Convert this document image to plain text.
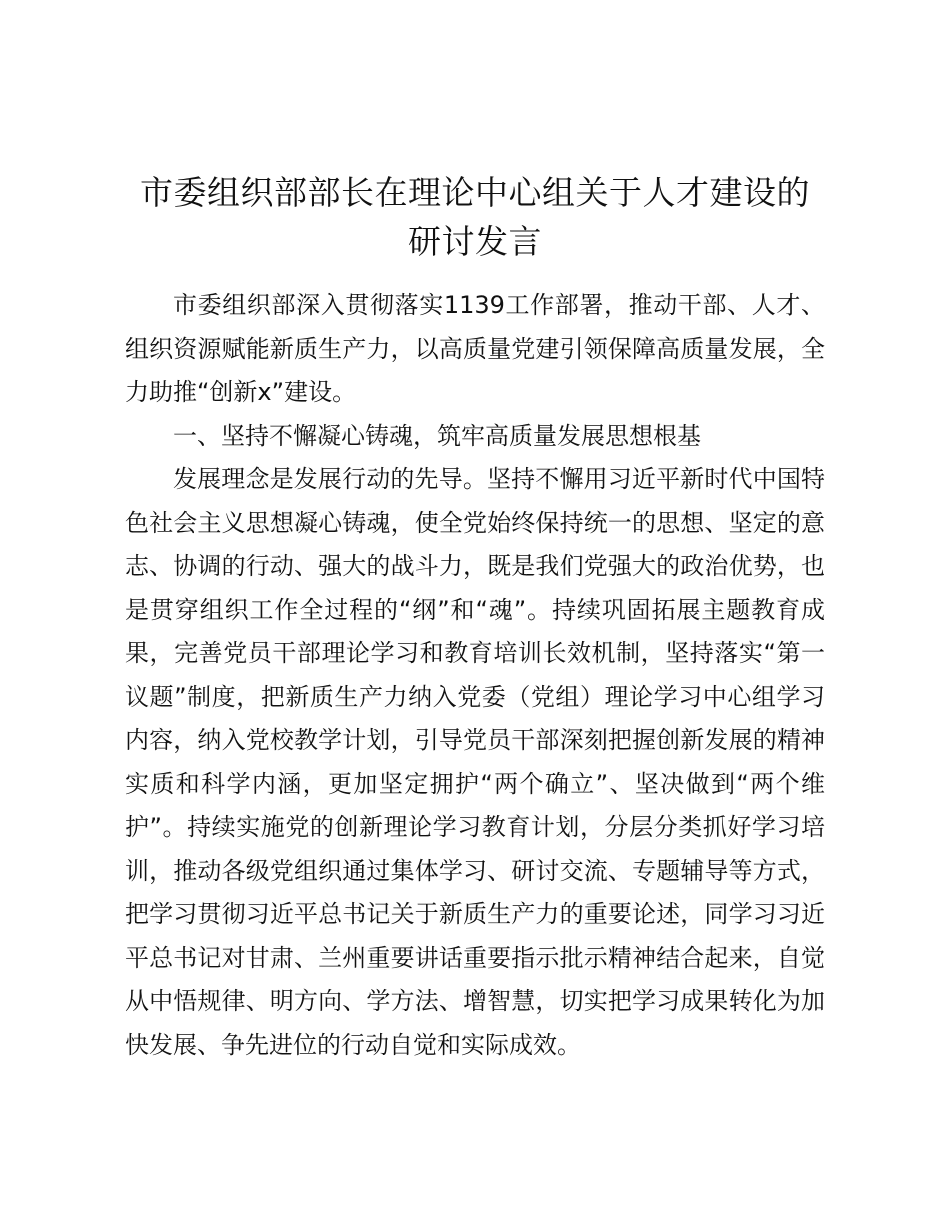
市委组织部部长在理论中心组关于人才建设的研讨发言

市委组织部深入贯彻落实1139工作部署，推动干部、人才、组织资源赋能新质生产力，以高质量党建引领保障高质量发展，全力助推“创新x”建设。

一、坚持不懈凝心铸魂，筑牢高质量发展思想根基

发展理念是发展行动的先导。坚持不懈用习近平新时代中国特色社会主义思想凝心铸魂，使全党始终保持统一的思想、坚定的意志、协调的行动、强大的战斗力，既是我们党强大的政治优势，也是贯穿组织工作全过程的“纲”和“魂”。持续巩固拓展主题教育成果，完善党员干部理论学习和教育培训长效机制，坚持落实“第一议题”制度，把新质生产力纳入党委（党组）理论学习中心组学习内容，纳入党校教学计划，引导党员干部深刻把握创新发展的精神实质和科学内涵，更加坚定拥护“两个确立”、坚决做到“两个维护”。持续实施党的创新理论学习教育计划，分层分类抓好学习培训，推动各级党组织通过集体学习、研讨交流、专题辅导等方式，把学习贯彻习近平总书记关于新质生产力的重要论述，同学习习近平总书记对甘肃、兰州重要讲话重要指示批示精神结合起来，自觉从中悟规律、明方向、学方法、增智慧，切实把学习成果转化为加快发展、争先进位的行动自觉和实际成效。
